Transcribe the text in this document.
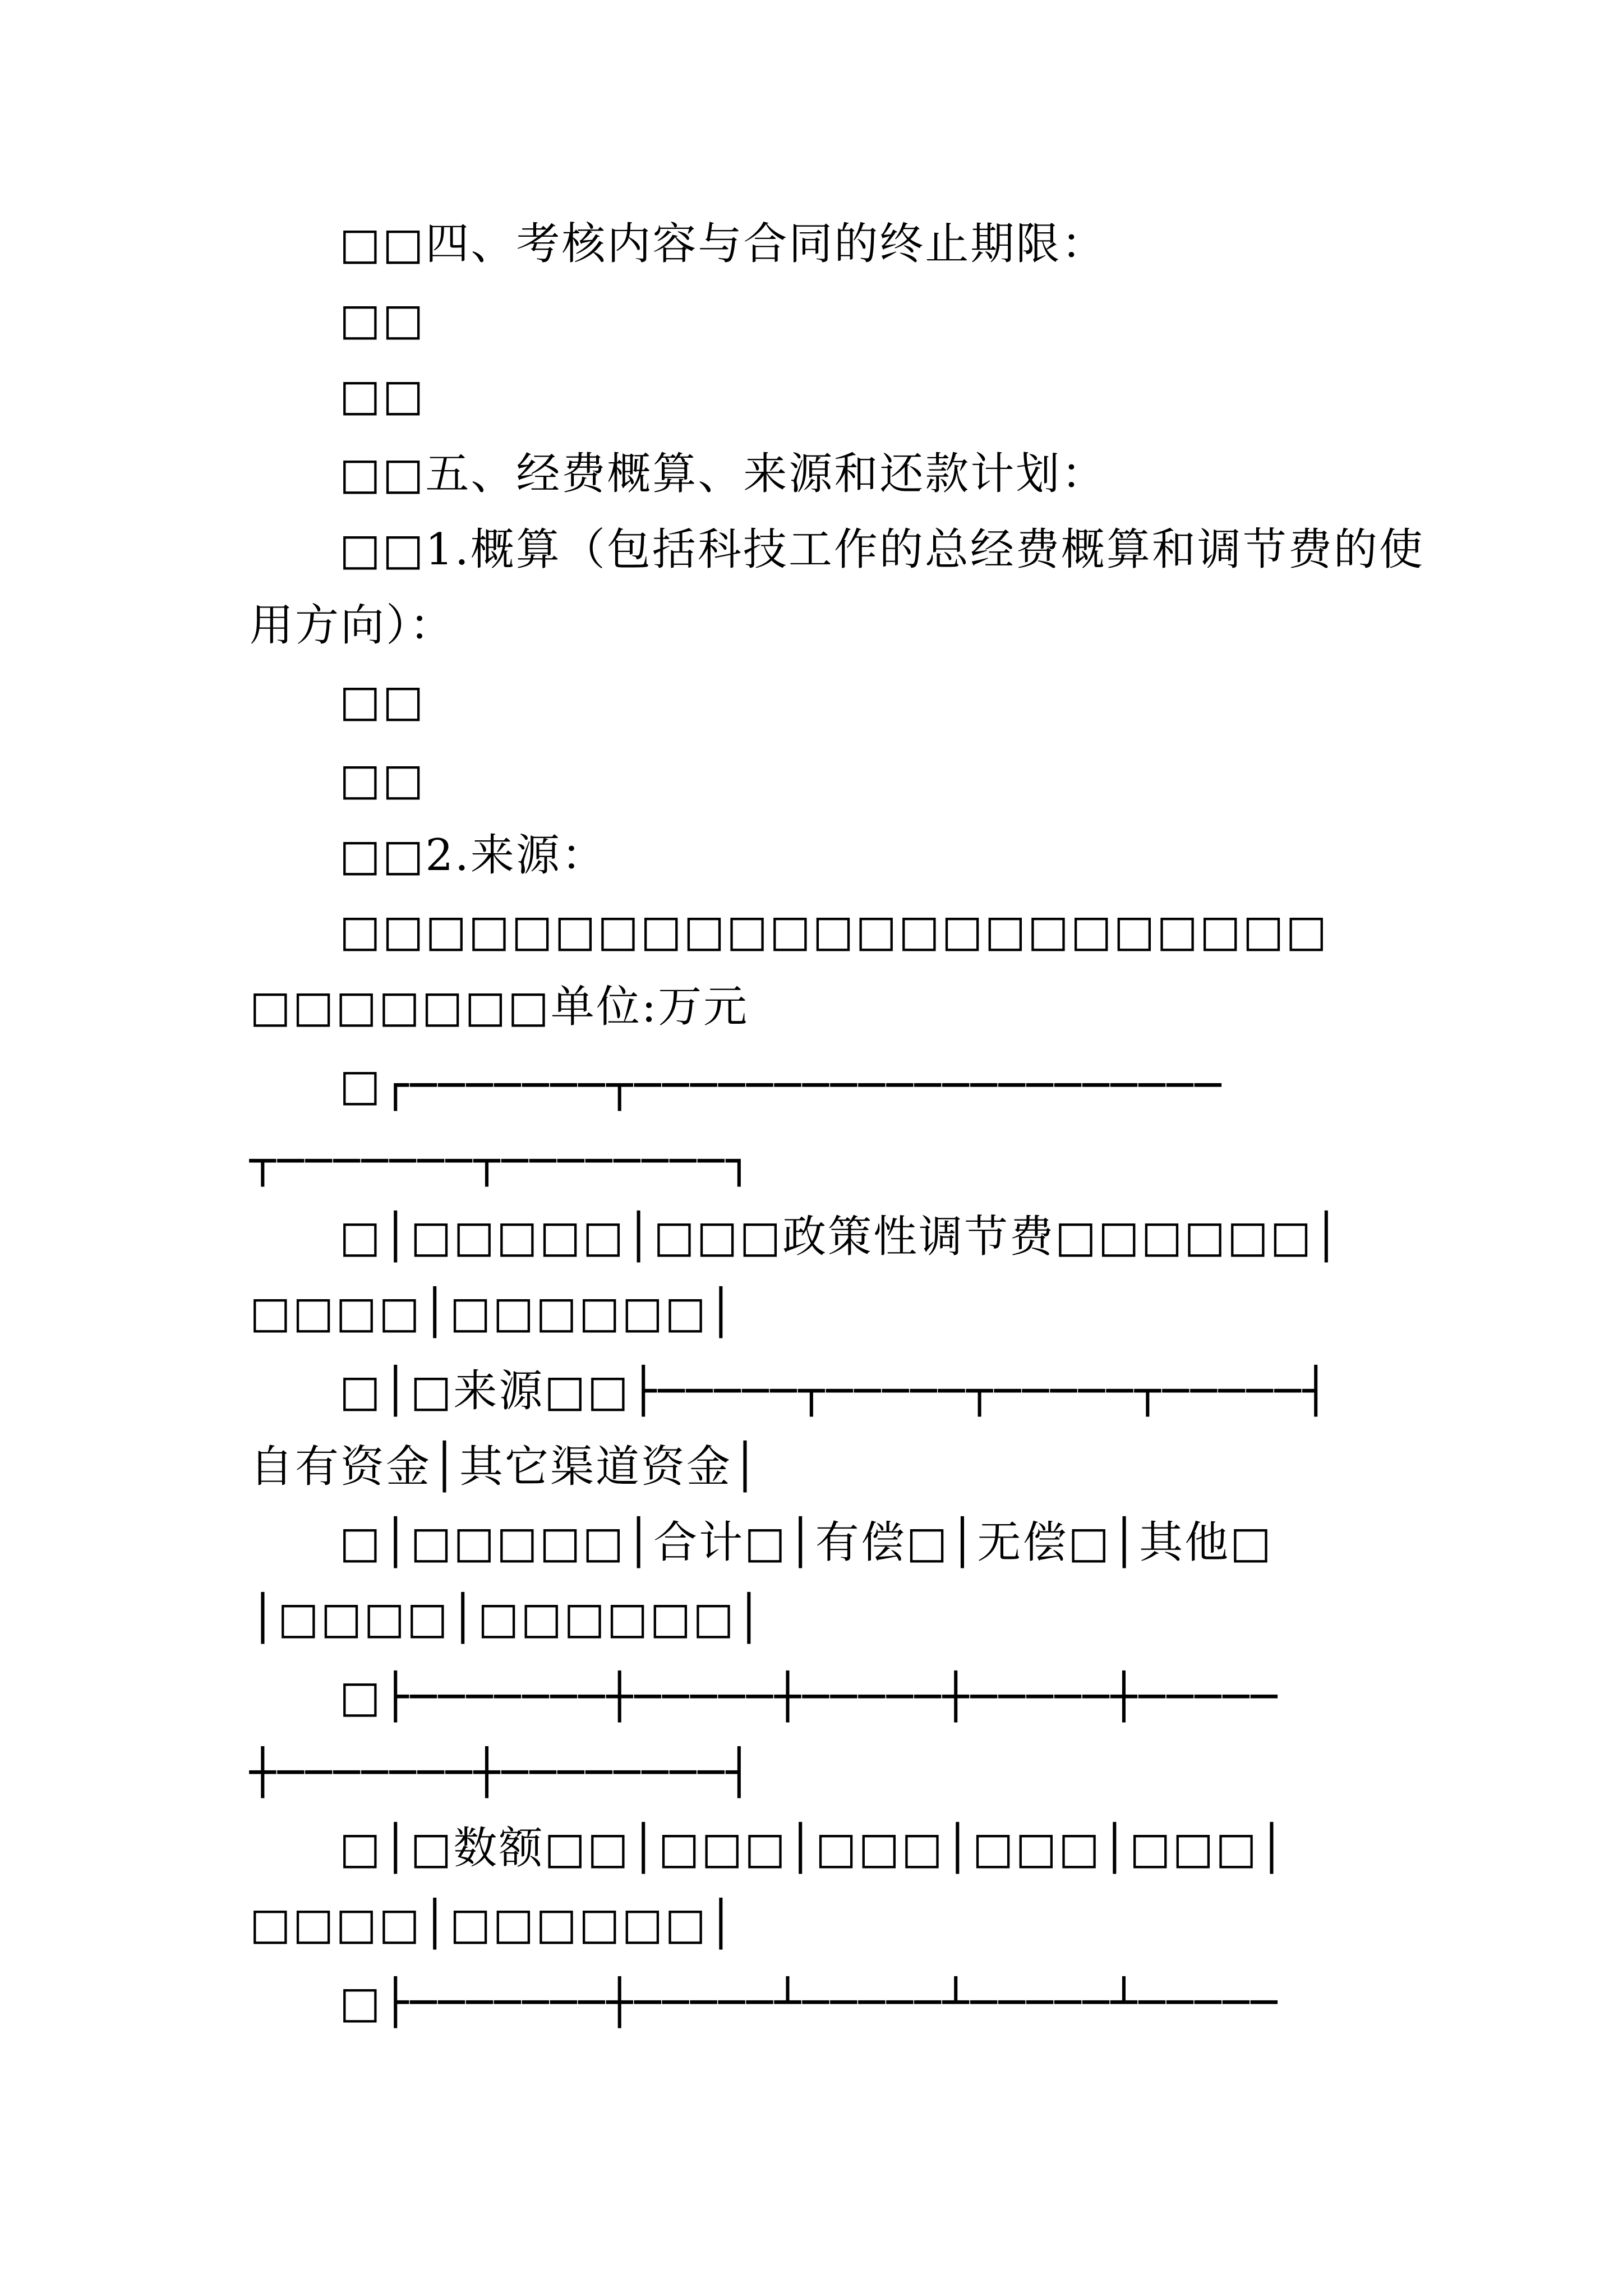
□□四、考核内容与合同的终止期限：
□□
□□
□□五、经费概算、来源和还款计划：
□□1.概算（包括科技工作的总经费概算和调节费的使
用方向）：
□□
□□
□□2.来源：
□□□□□□□□□□□□□□□□□□□□□□□
□□□□□□□单位:万元
□┌───────┬─────────────────────
┬───────┬────────┐
□│□□□□□│□□□政策性调节费□□□□□□│
□□□□│□□□□□□│
□│□来源□□├─────┬─────┬─────┬─────┤
自有资金│其它渠道资金│
□│□□□□□│合计□│有偿□│无偿□│其他□
│□□□□│□□□□□□│
□├───────┼─────┼─────┼─────┼─────
┼───────┼────────┤
□│□数额□□│□□□│□□□│□□□│□□□│
□□□□│□□□□□□│
□├───────┼─────┴─────┴─────┴─────
